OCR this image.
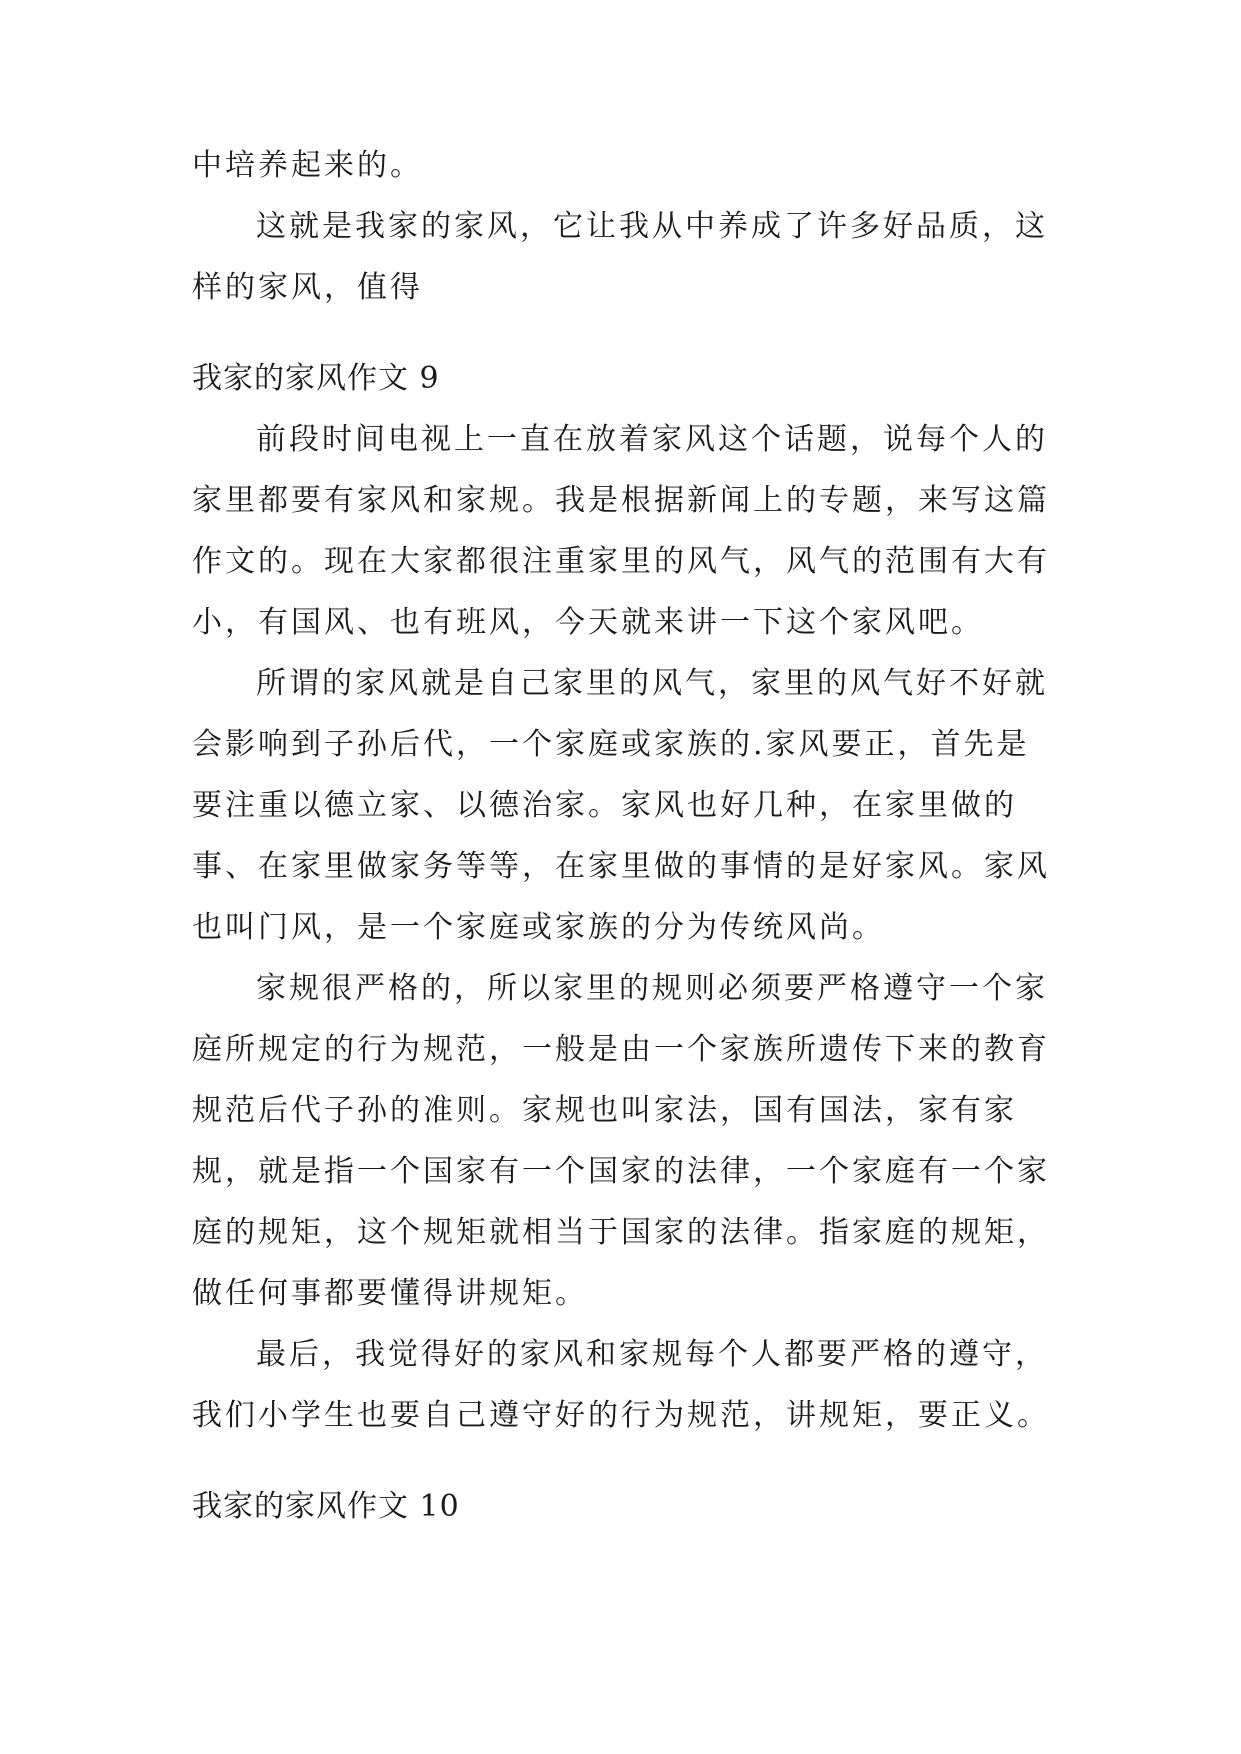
中培养起来的。

这就是我家的家风，它让我从中养成了许多好品质，这样的家风，值得

我家的家风作文 9

前段时间电视上一直在放着家风这个话题，说每个人的家里都要有家风和家规。我是根据新闻上的专题，来写这篇作文的。现在大家都很注重家里的风气，风气的范围有大有小，有国风、也有班风，今天就来讲一下这个家风吧。

所谓的家风就是自己家里的风气，家里的风气好不好就会影响到子孙后代，一个家庭或家族的.家风要正，首先是要注重以德立家、以德治家。家风也好几种，在家里做的事、在家里做家务等等，在家里做的事情的是好家风。家风也叫门风，是一个家庭或家族的分为传统风尚。

家规很严格的，所以家里的规则必须要严格遵守一个家庭所规定的行为规范，一般是由一个家族所遗传下来的教育规范后代子孙的准则。家规也叫家法，国有国法，家有家规，就是指一个国家有一个国家的法律，一个家庭有一个家庭的规矩，这个规矩就相当于国家的法律。指家庭的规矩，做任何事都要懂得讲规矩。

最后，我觉得好的家风和家规每个人都要严格的遵守，我们小学生也要自己遵守好的行为规范，讲规矩，要正义。

我家的家风作文 10
